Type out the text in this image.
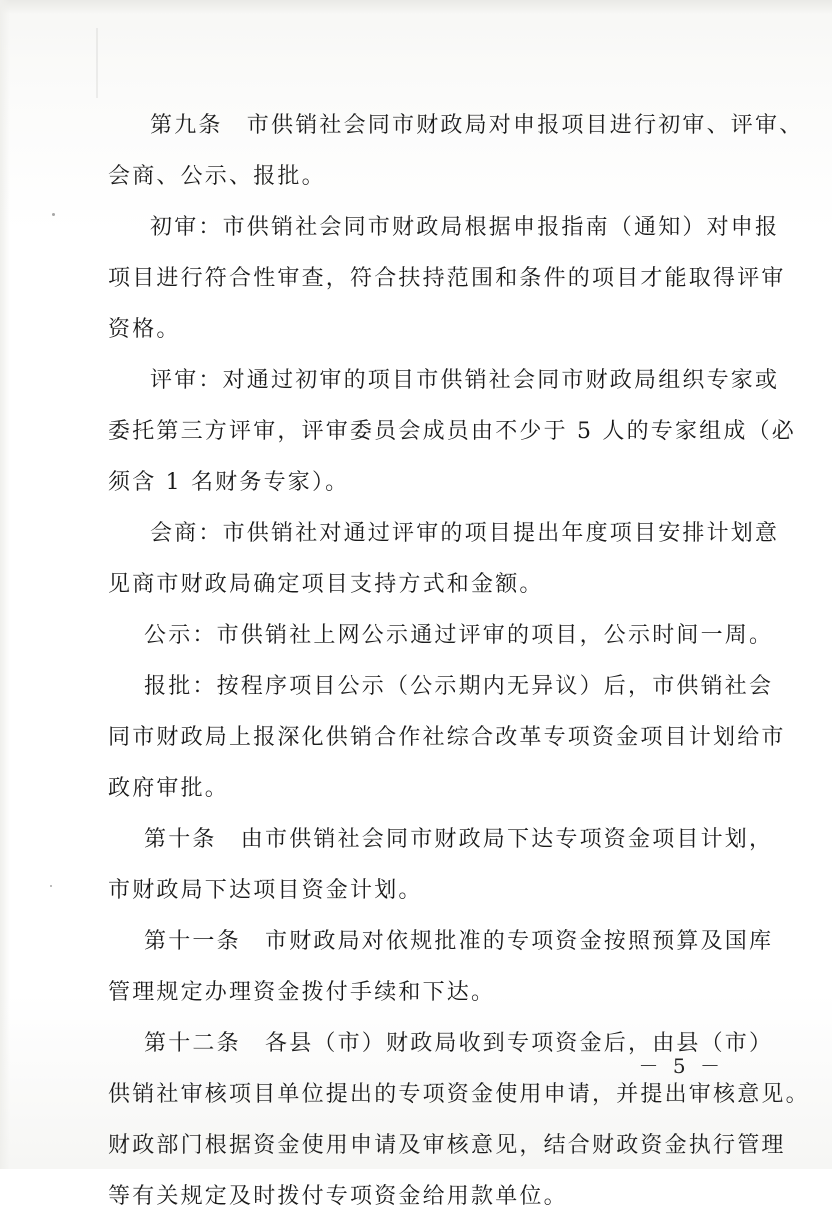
第九条　市供销社会同市财政局对申报项目进行初审、评审、
会商、公示、报批。
初审：市供销社会同市财政局根据申报指南（通知）对申报
项目进行符合性审查，符合扶持范围和条件的项目才能取得评审
资格。
评审：对通过初审的项目市供销社会同市财政局组织专家或
委托第三方评审，评审委员会成员由不少于 5 人的专家组成（必
须含 1 名财务专家）。
会商：市供销社对通过评审的项目提出年度项目安排计划意
见商市财政局确定项目支持方式和金额。
公示：市供销社上网公示通过评审的项目，公示时间一周。
报批：按程序项目公示（公示期内无异议）后，市供销社会
同市财政局上报深化供销合作社综合改革专项资金项目计划给市
政府审批。
第十条　由市供销社会同市财政局下达专项资金项目计划，
市财政局下达项目资金计划。
第十一条　市财政局对依规批准的专项资金按照预算及国库
管理规定办理资金拨付手续和下达。
第十二条　各县（市）财政局收到专项资金后，由县（市）
供销社审核项目单位提出的专项资金使用申请，并提出审核意见。
财政部门根据资金使用申请及审核意见，结合财政资金执行管理
等有关规定及时拨付专项资金给用款单位。
－ 5 －
